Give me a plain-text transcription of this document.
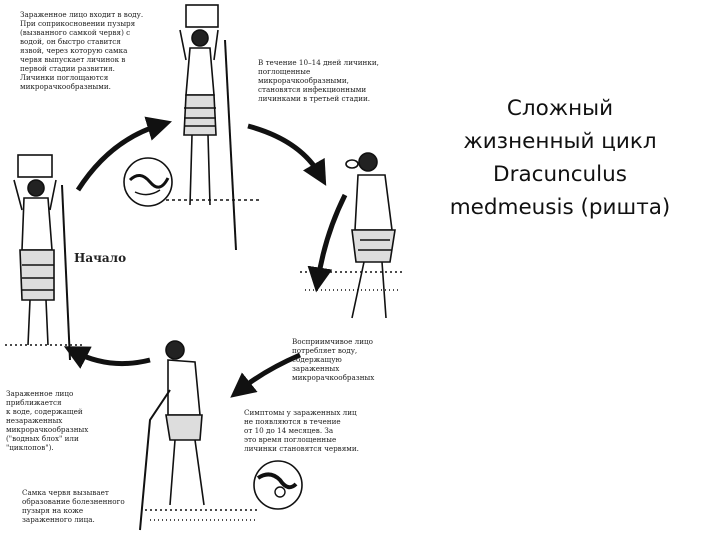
Зараженное лицо входит в воду.
При соприкосновении пузыря
(вызванного самкой червя) с
водой, он быстро ставится
язвой, через которую самка
червя выпускает личинок в
первой стадии развития.
Личинки поглощаются
микрорачкообразными.
В течение 10–14 дней личинки,
поглощенные
микрорачкообразными,
становятся инфекционными
личинками в третьей стадии.
Восприимчивое лицо
потребляет воду,
содержащую
зараженных
микрорачкообразных
Симптомы у зараженных лиц
не появляются в течение
от 10 до 14 месяцев. За
это время поглощенные
личинки становятся червями.
Зараженное лицо
приближается
к воде, содержащей
незараженных
микрорачкообразных
("водных блох" или
"циклопов").
Самка червя вызывает
образование болезненного
пузыря на коже
зараженного лица.
Начало
Сложный
жизненный цикл
Dracunculus
medmeusis (ришта)
